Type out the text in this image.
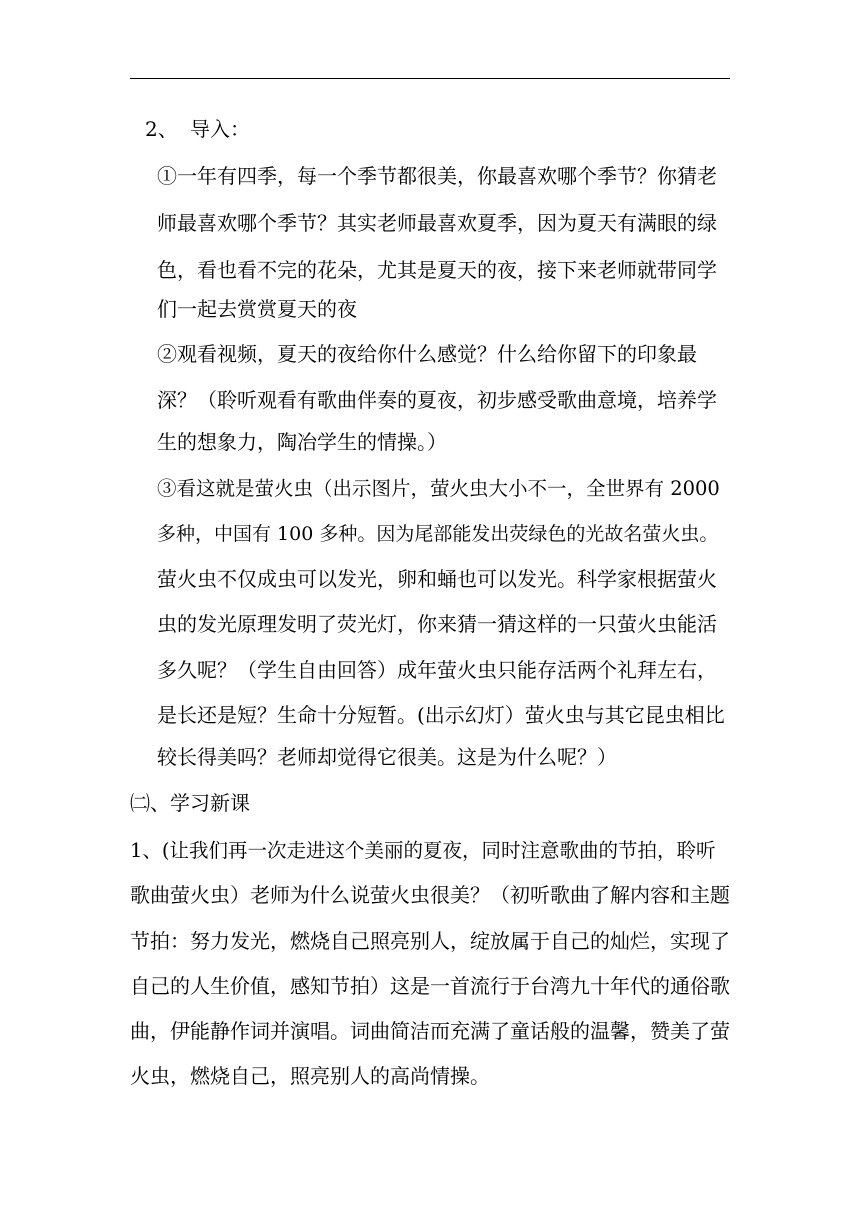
2、 导入：
①一年有四季，每一个季节都很美，你最喜欢哪个季节？你猜老
师最喜欢哪个季节？其实老师最喜欢夏季，因为夏天有满眼的绿
色，看也看不完的花朵，尤其是夏天的夜，接下来老师就带同学
们一起去赏赏夏天的夜
②观看视频，夏天的夜给你什么感觉？什么给你留下的印象最
深？（聆听观看有歌曲伴奏的夏夜，初步感受歌曲意境，培养学
生的想象力，陶冶学生的情操。）
③看这就是萤火虫（出示图片，萤火虫大小不一，全世界有 2000
多种，中国有 100 多种。因为尾部能发出荧绿色的光故名萤火虫。
萤火虫不仅成虫可以发光，卵和蛹也可以发光。科学家根据萤火
虫的发光原理发明了荧光灯，你来猜一猜这样的一只萤火虫能活
多久呢？（学生自由回答）成年萤火虫只能存活两个礼拜左右，
是长还是短？生命十分短暂。(出示幻灯）萤火虫与其它昆虫相比
较长得美吗？老师却觉得它很美。这是为什么呢？）
㈡、学习新课
1、(让我们再一次走进这个美丽的夏夜，同时注意歌曲的节拍，聆听
歌曲萤火虫）老师为什么说萤火虫很美？（初听歌曲了解内容和主题
节拍：努力发光，燃烧自己照亮别人，绽放属于自己的灿烂，实现了
自己的人生价值，感知节拍）这是一首流行于台湾九十年代的通俗歌
曲，伊能静作词并演唱。词曲简洁而充满了童话般的温馨，赞美了萤
火虫，燃烧自己，照亮别人的高尚情操。
